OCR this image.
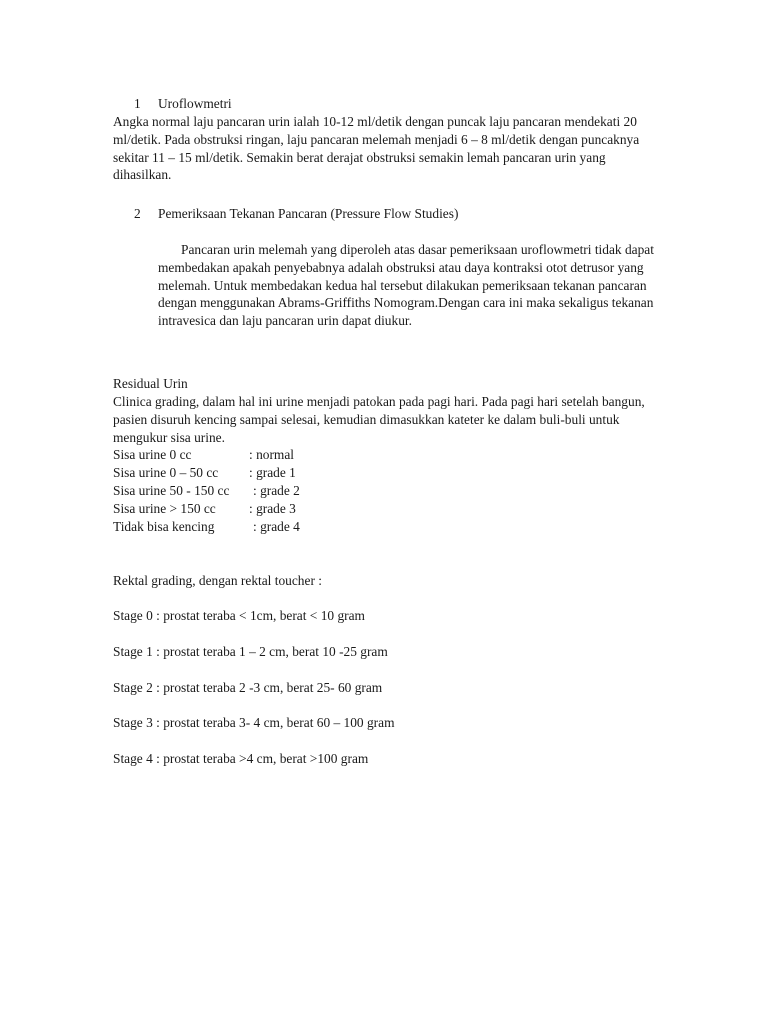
1 Uroflowmetri

Angka normal laju pancaran urin ialah 10-12 ml/detik dengan puncak laju pancaran mendekati 20 ml/detik. Pada obstruksi ringan, laju pancaran melemah menjadi 6 – 8 ml/detik dengan puncaknya sekitar 11 – 15 ml/detik. Semakin berat derajat obstruksi semakin lemah pancaran urin yang dihasilkan.

2 Pemeriksaan Tekanan Pancaran (Pressure Flow Studies)

Pancaran urin melemah yang diperoleh atas dasar pemeriksaan uroflowmetri tidak dapat membedakan apakah penyebabnya adalah obstruksi atau daya kontraksi otot detrusor yang melemah. Untuk membedakan kedua hal tersebut dilakukan pemeriksaan tekanan pancaran dengan menggunakan Abrams-Griffiths Nomogram.Dengan cara ini maka sekaligus tekanan intravesica dan laju pancaran urin dapat diukur.

Residual Urin

Clinica grading, dalam hal ini urine menjadi patokan pada pagi hari. Pada pagi hari setelah bangun, pasien disuruh kencing sampai selesai, kemudian dimasukkan kateter ke dalam buli-buli untuk mengukur sisa urine.

Sisa urine 0 cc	: normal
Sisa urine 0 – 50 cc : grade 1
Sisa urine 50 - 150 cc : grade 2
Sisa urine > 150 cc : grade 3
Tidak bisa kencing	: grade 4
Rektal grading, dengan rektal toucher :
Stage 0 : prostat teraba < 1cm, berat < 10 gram
Stage 1 : prostat teraba 1 – 2 cm, berat 10 -25 gram
Stage 2 : prostat teraba 2 -3 cm, berat 25- 60 gram
Stage 3 : prostat teraba 3- 4 cm, berat 60 – 100 gram
Stage 4 : prostat teraba >4 cm, berat >100 gram
